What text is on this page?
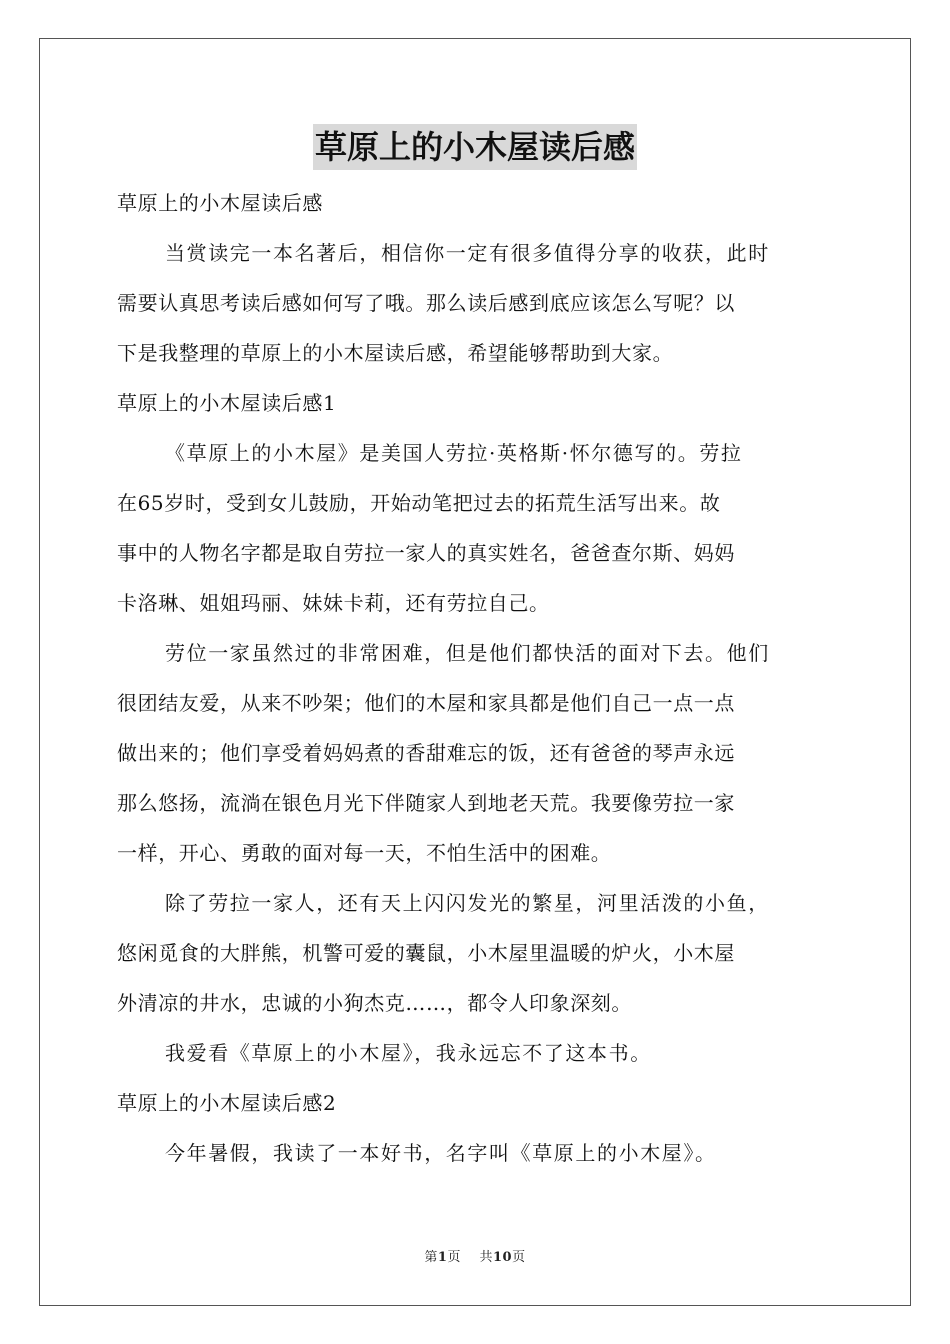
草原上的小木屋读后感
草原上的小木屋读后感
当赏读完一本名著后，相信你一定有很多值得分享的收获，此时
需要认真思考读后感如何写了哦。那么读后感到底应该怎么写呢？以
下是我整理的草原上的小木屋读后感，希望能够帮助到大家。
草原上的小木屋读后感1
《草原上的小木屋》是美国人劳拉·英格斯·怀尔德写的。劳拉
在65岁时，受到女儿鼓励，开始动笔把过去的拓荒生活写出来。故
事中的人物名字都是取自劳拉一家人的真实姓名，爸爸查尔斯、妈妈
卡洛琳、姐姐玛丽、妹妹卡莉，还有劳拉自己。
劳位一家虽然过的非常困难，但是他们都快活的面对下去。他们
很团结友爱，从来不吵架；他们的木屋和家具都是他们自己一点一点
做出来的；他们享受着妈妈煮的香甜难忘的饭，还有爸爸的琴声永远
那么悠扬，流淌在银色月光下伴随家人到地老天荒。我要像劳拉一家
一样，开心、勇敢的面对每一天，不怕生活中的困难。
除了劳拉一家人，还有天上闪闪发光的繁星，河里活泼的小鱼，
悠闲觅食的大胖熊，机警可爱的囊鼠，小木屋里温暖的炉火，小木屋
外清凉的井水，忠诚的小狗杰克……，都令人印象深刻。
我爱看《草原上的小木屋》，我永远忘不了这本书。
草原上的小木屋读后感2
今年暑假，我读了一本好书，名字叫《草原上的小木屋》。
第1页 共10页
